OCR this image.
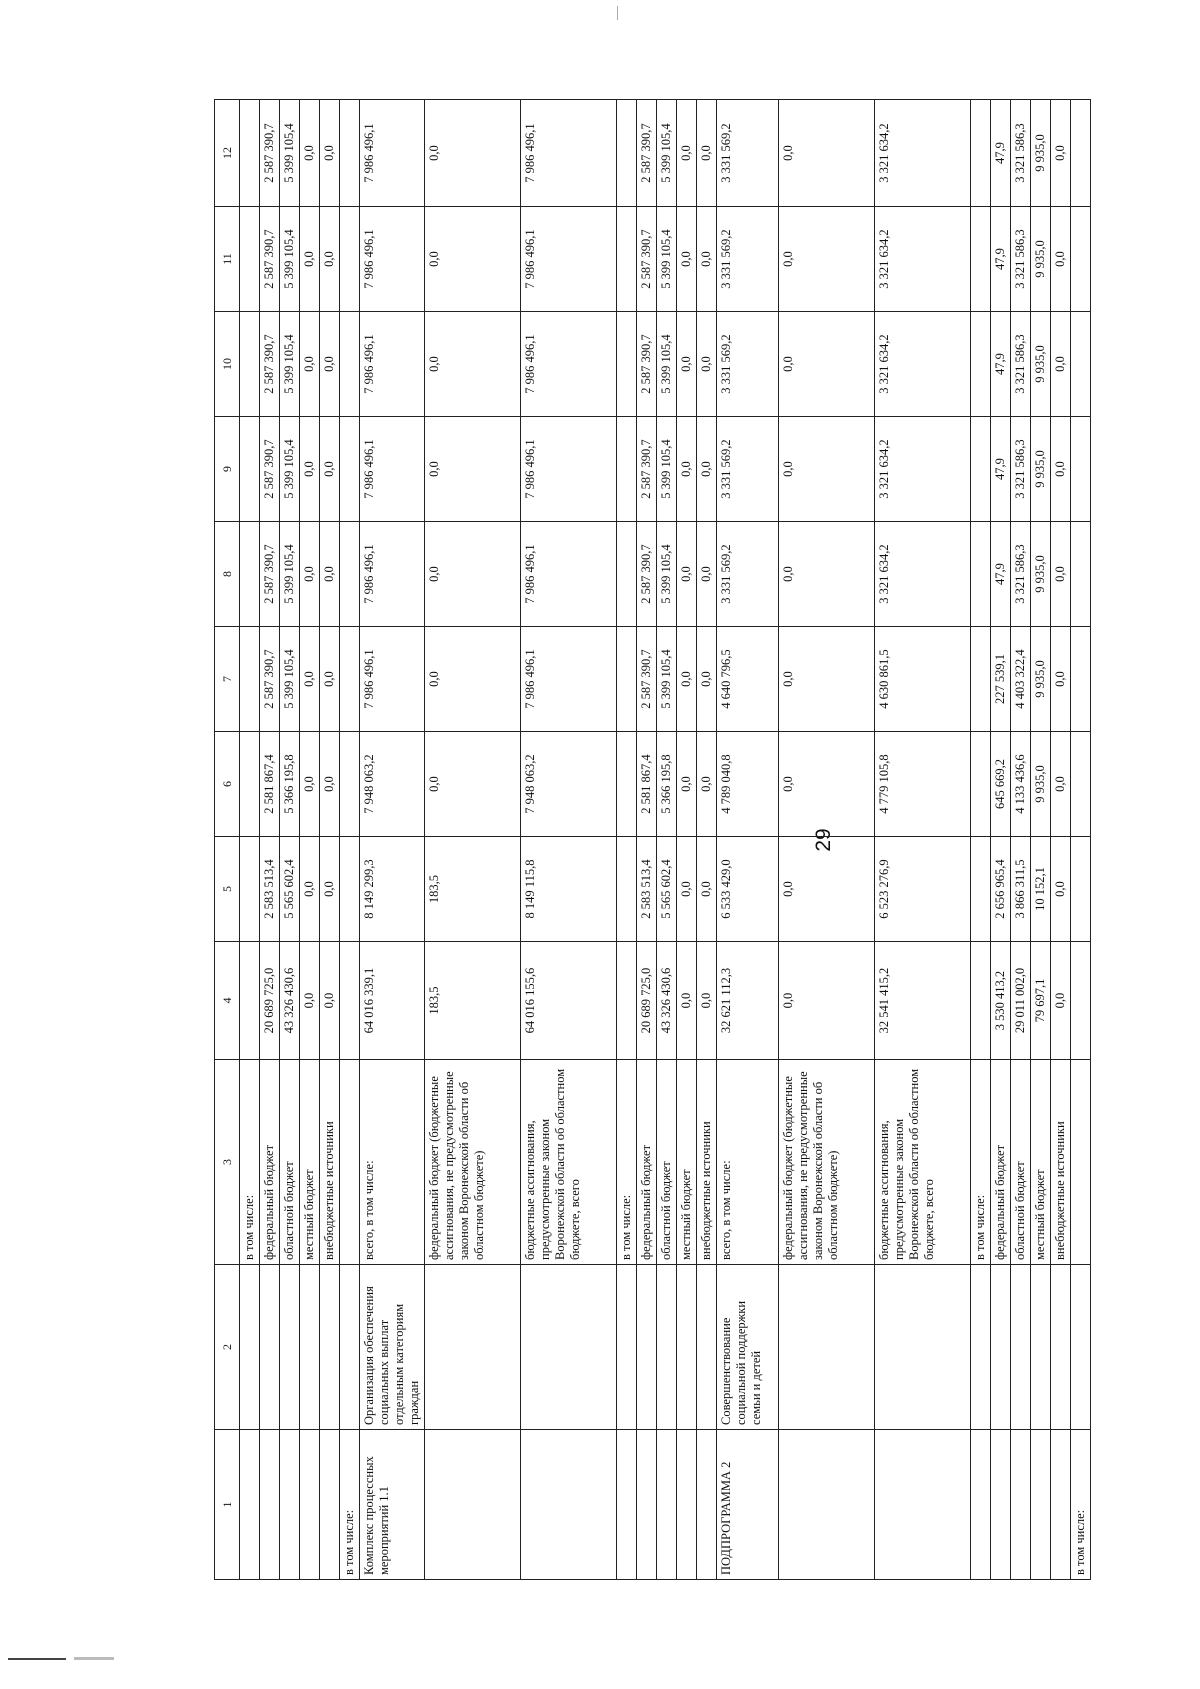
29
1	2	3	4	5	6	7	8	9	10	11	12
		в том числе:									
		федеральный бюджет	20 689 725,0	2 583 513,4	2 581 867,4	2 587 390,7	2 587 390,7	2 587 390,7	2 587 390,7	2 587 390,7	2 587 390,7
		областной бюджет	43 326 430,6	5 565 602,4	5 366 195,8	5 399 105,4	5 399 105,4	5 399 105,4	5 399 105,4	5 399 105,4	5 399 105,4
		местный бюджет	0,0	0,0	0,0	0,0	0,0	0,0	0,0	0,0	0,0
		внебюджетные источники	0,0	0,0	0,0	0,0	0,0	0,0	0,0	0,0	0,0
в том числе:											
Комплекс процессных мероприятий 1.1	Организация обеспечения социальных выплат отдельным категориям граждан	всего, в том числе:	64 016 339,1	8 149 299,3	7 948 063,2	7 986 496,1	7 986 496,1	7 986 496,1	7 986 496,1	7 986 496,1	7 986 496,1
		федеральный бюджет (бюджетные ассигнования, не предусмотренные законом Воронежской области об областном бюджете)	183,5	183,5	0,0	0,0	0,0	0,0	0,0	0,0	0,0
		бюджетные ассигнования, предусмотренные законом Воронежской области об областном бюджете, всего	64 016 155,6	8 149 115,8	7 948 063,2	7 986 496,1	7 986 496,1	7 986 496,1	7 986 496,1	7 986 496,1	7 986 496,1
		в том числе:									
		федеральный бюджет	20 689 725,0	2 583 513,4	2 581 867,4	2 587 390,7	2 587 390,7	2 587 390,7	2 587 390,7	2 587 390,7	2 587 390,7
		областной бюджет	43 326 430,6	5 565 602,4	5 366 195,8	5 399 105,4	5 399 105,4	5 399 105,4	5 399 105,4	5 399 105,4	5 399 105,4
		местный бюджет	0,0	0,0	0,0	0,0	0,0	0,0	0,0	0,0	0,0
		внебюджетные источники	0,0	0,0	0,0	0,0	0,0	0,0	0,0	0,0	0,0
ПОДПРОГРАММА 2	Совершенствование социальной поддержки семьи и детей	всего, в том числе:	32 621 112,3	6 533 429,0	4 789 040,8	4 640 796,5	3 331 569,2	3 331 569,2	3 331 569,2	3 331 569,2	3 331 569,2
		федеральный бюджет (бюджетные ассигнования, не предусмотренные законом Воронежской области об областном бюджете)	0,0	0,0	0,0	0,0	0,0	0,0	0,0	0,0	0,0
		бюджетные ассигнования, предусмотренные законом Воронежской области об областном бюджете, всего	32 541 415,2	6 523 276,9	4 779 105,8	4 630 861,5	3 321 634,2	3 321 634,2	3 321 634,2	3 321 634,2	3 321 634,2
		в том числе:									
		федеральный бюджет	3 530 413,2	2 656 965,4	645 669,2	227 539,1	47,9	47,9	47,9	47,9	47,9
		областной бюджет	29 011 002,0	3 866 311,5	4 133 436,6	4 403 322,4	3 321 586,3	3 321 586,3	3 321 586,3	3 321 586,3	3 321 586,3
		местный бюджет	79 697,1	10 152,1	9 935,0	9 935,0	9 935,0	9 935,0	9 935,0	9 935,0	9 935,0
		внебюджетные источники	0,0	0,0	0,0	0,0	0,0	0,0	0,0	0,0	0,0
в том числе:											
